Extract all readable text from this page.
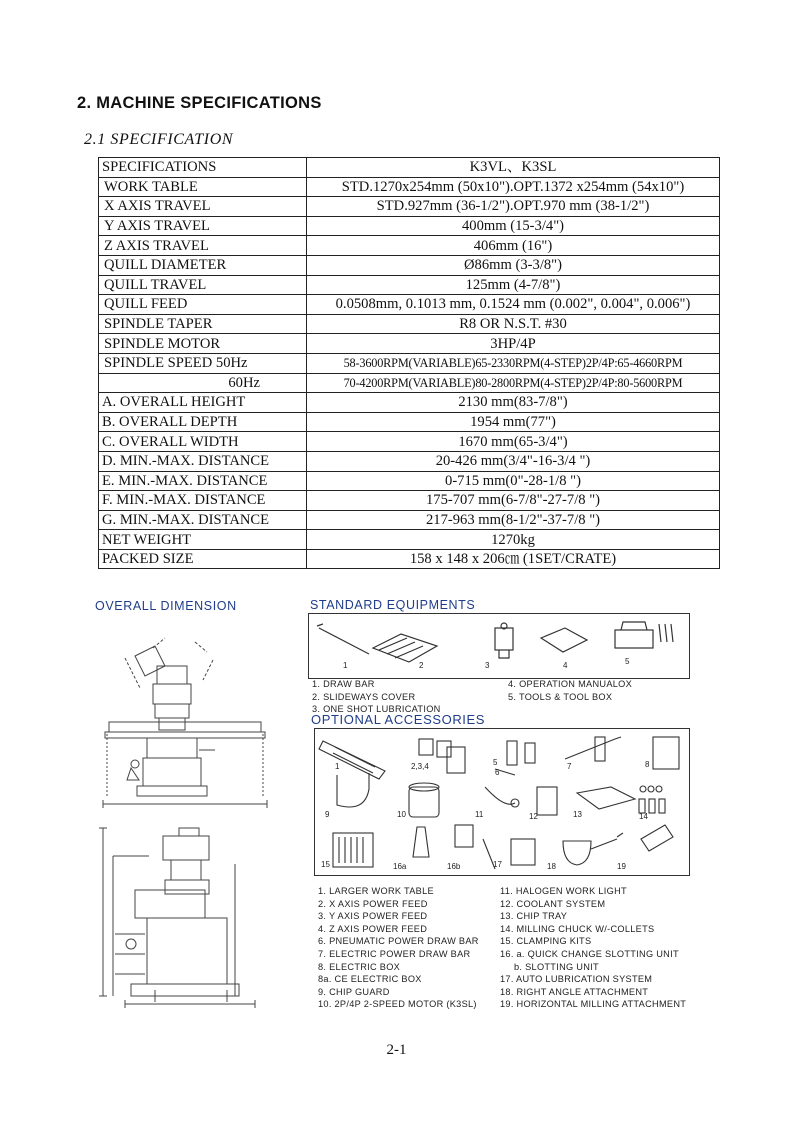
2. MACHINE SPECIFICATIONS
2.1 SPECIFICATION
SPECIFICATIONS	K3VL、K3SL
WORK TABLE	STD.1270x254mm (50x10").OPT.1372 x254mm (54x10")
X AXIS TRAVEL	STD.927mm (36-1/2").OPT.970 mm (38-1/2")
Y AXIS TRAVEL	400mm (15-3/4")
Z AXIS TRAVEL	406mm (16")
QUILL DIAMETER	Ø86mm (3-3/8")
QUILL TRAVEL	125mm (4-7/8")
QUILL FEED	0.0508mm, 0.1013 mm, 0.1524 mm (0.002", 0.004", 0.006")
SPINDLE TAPER	R8 OR N.S.T. #30
SPINDLE MOTOR	3HP/4P
SPINDLE SPEED 50Hz	58-3600RPM(VARIABLE)65-2330RPM(4-STEP)2P/4P:65-4660RPM
60Hz	70-4200RPM(VARIABLE)80-2800RPM(4-STEP)2P/4P:80-5600RPM
A. OVERALL HEIGHT	2130 mm(83-7/8")
B. OVERALL DEPTH	1954 mm(77")
C. OVERALL WIDTH	1670 mm(65-3/4")
D. MIN.-MAX. DISTANCE	20-426 mm(3/4"-16-3/4 ")
E. MIN.-MAX. DISTANCE	0-715 mm(0"-28-1/8 ")
F. MIN.-MAX. DISTANCE	175-707 mm(6-7/8"-27-7/8 ")
G. MIN.-MAX. DISTANCE	217-963 mm(8-1/2"-37-7/8 ")
NET WEIGHT	1270kg
PACKED SIZE	158 x 148 x 206㎝ (1SET/CRATE)
OVERALL DIMENSION	STANDARD EQUIPMENTS
1	2	3	4	5
1. DRAW BAR
2. SLIDEWAYS COVER
3. ONE SHOT LUBRICATION
4. OPERATION MANUALOX
5. TOOLS & TOOL BOX
OPTIONAL ACCESSORIES
1	2,3,4	5
6
7	8
9	10	11	12	13	14
15	16a	16b	17	18	19
1. LARGER WORK TABLE
2. X AXIS POWER FEED
3. Y AXIS POWER FEED
4. Z AXIS POWER FEED
6. PNEUMATIC POWER DRAW BAR
7. ELECTRIC POWER DRAW BAR
8. ELECTRIC BOX
8a. CE ELECTRIC BOX
9. CHIP GUARD
10. 2P/4P 2-SPEED MOTOR (K3SL)
11. HALOGEN WORK LIGHT
12. COOLANT SYSTEM
13. CHIP TRAY
14. MILLING CHUCK W/-COLLETS
15. CLAMPING KITS
16. a. QUICK CHANGE SLOTTING UNIT
b. SLOTTING UNIT
17. AUTO LUBRICATION SYSTEM
18. RIGHT ANGLE ATTACHMENT
19. HORIZONTAL MILLING ATTACHMENT
2-1
